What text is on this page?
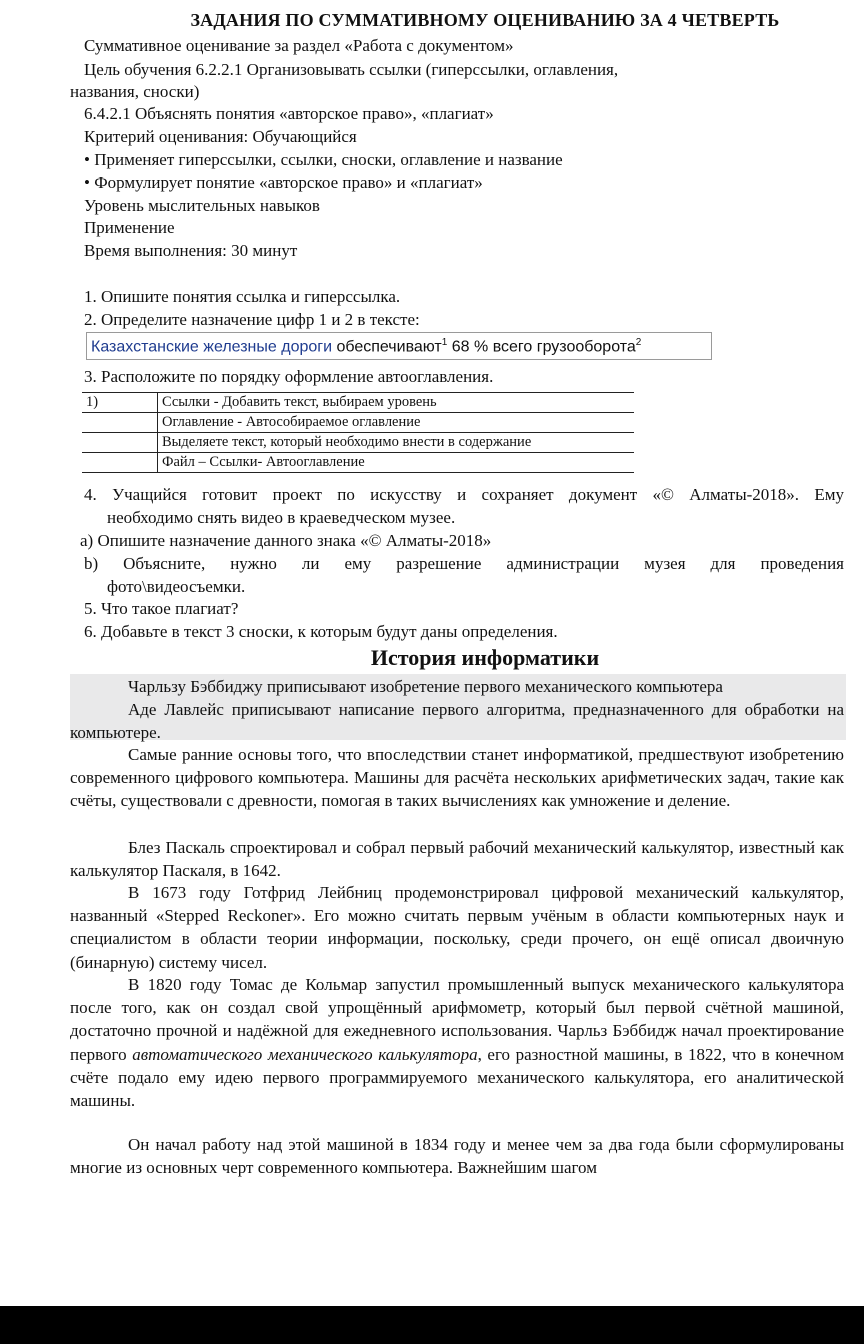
ЗАДАНИЯ ПО СУММАТИВНОМУ ОЦЕНИВАНИЮ ЗА 4 ЧЕТВЕРТЬ
Суммативное оценивание за раздел «Работа с документом»
Цель обучения 6.2.2.1 Организовывать ссылки (гиперссылки, оглавления,
названия, сноски)
6.4.2.1 Объяснять понятия «авторское право», «плагиат»
Критерий оценивания: Обучающийся
• Применяет гиперссылки, ссылки, сноски, оглавление и название
• Формулирует понятие «авторское право» и «плагиат»
Уровень мыслительных навыков
Применение
Время выполнения: 30 минут
1. Опишите понятия ссылка и гиперссылка.
2. Определите назначение цифр 1 и 2 в тексте:
Казахстанские железные дороги обеспечивают$^1$ 68 % всего грузооборота$^2$
3. Расположите по порядку оформление автооглавления.
1)	Ссылки - Добавить текст, выбираем уровень
	Оглавление - Автособираемое оглавление
	Выделяете текст, который необходимо внести в содержание
	Файл – Ссылки- Автооглавление
4. Учащийся готовит проект по искусству и сохраняет документ «© Алматы-2018». Ему
необходимо снять видео в краеведческом музее.
а) Опишите назначение данного знака «© Алматы-2018»
b) Объясните, нужно ли ему разрешение администрации музея для проведения
фото\видеосъемки.
5. Что такое плагиат?
6. Добавьте в текст 3 сноски, к которым будут даны определения.
История информатики
Чарльзу Бэббиджу приписывают изобретение первого механического компьютера
Аде Лавлейс приписывают написание первого алгоритма, предназначенного для обработки на компьютере.
Самые ранние основы того, что впоследствии станет информатикой, предшествуют изобретению современного цифрового компьютера. Машины для расчёта нескольких арифметических задач, такие как счёты, существовали с древности, помогая в таких вычислениях как умножение и деление.
Блез Паскаль спроектировал и собрал первый рабочий механический калькулятор, известный как калькулятор Паскаля, в 1642.
В 1673 году Готфрид Лейбниц продемонстрировал цифровой механический калькулятор, названный «Stepped Reckoner». Его можно считать первым учёным в области компьютерных наук и специалистом в области теории информации, поскольку, среди прочего, он ещё описал двоичную (бинарную) систему чисел.
В 1820 году Томас де Кольмар запустил промышленный выпуск механического калькулятора после того, как он создал свой упрощённый арифмометр, который был первой счётной машиной, достаточно прочной и надёжной для ежедневного использования. Чарльз Бэббидж начал проектирование первого автоматического механического калькулятора, его разностной машины, в 1822, что в конечном счёте подало ему идею первого программируемого механического калькулятора, его аналитической машины.
Он начал работу над этой машиной в 1834 году и менее чем за два года были сформулированы многие из основных черт современного компьютера. Важнейшим шагом
